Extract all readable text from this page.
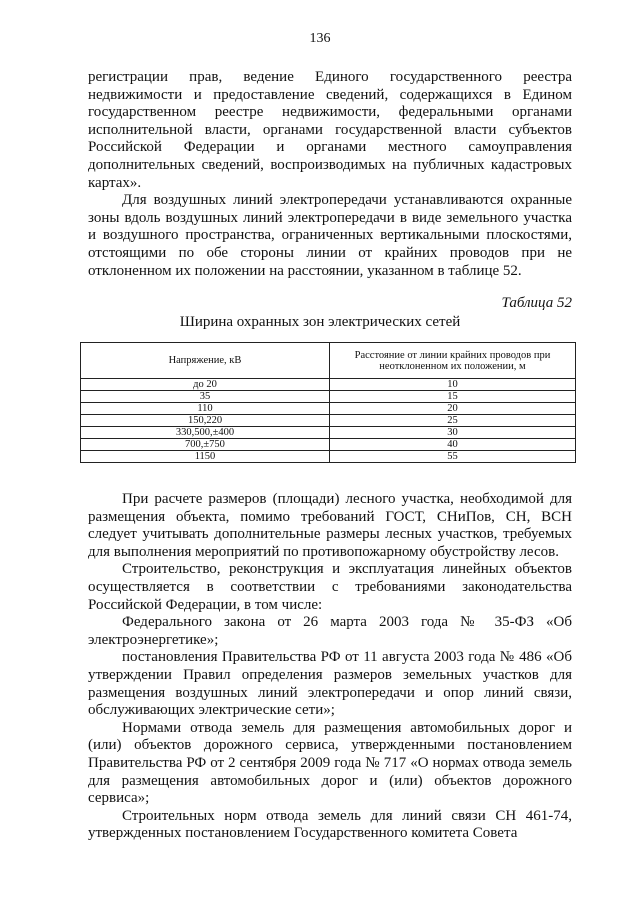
136

регистрации прав, ведение Единого государственного реестра недвижимости и предоставление сведений, содержащихся в Едином государственном реестре недвижимости, федеральными органами исполнительной власти, органами государственной власти субъектов Российской Федерации и органами местного самоуправления дополнительных сведений, воспроизводимых на публичных кадастровых картах».

Для воздушных линий электропередачи устанавливаются охранные зоны вдоль воздушных линий электропередачи в виде земельного участка и воздушного пространства, ограниченных вертикальными плоскостями, отстоящими по обе стороны линии от крайних проводов при не отклоненном их положении на расстоянии, указанном в таблице 52.

Таблица 52
Ширина охранных зон электрических сетей
Напряжение, кВ	Расстояние от линии крайних проводов при неотклоненном их положении, м
до 20	10
35	15
110	20
150,220	25
330,500,±400	30
700,±750	40
1150	55

При расчете размеров (площади) лесного участка, необходимой для размещения объекта, помимо требований ГОСТ, СНиПов, СН, ВСН следует учитывать дополнительные размеры лесных участков, требуемых для выполнения мероприятий по противопожарному обустройству лесов.

Строительство, реконструкция и эксплуатация линейных объектов осуществляется в соответствии с требованиями законодательства Российской Федерации, в том числе:

Федерального закона от 26 марта 2003 года № 35-ФЗ «Об электроэнергетике»;

постановления Правительства РФ от 11 августа 2003 года № 486 «Об утверждении Правил определения размеров земельных участков для размещения воздушных линий электропередачи и опор линий связи, обслуживающих электрические сети»;

Нормами отвода земель для размещения автомобильных дорог и (или) объектов дорожного сервиса, утвержденными постановлением Правительства РФ от 2 сентября 2009 года № 717 «О нормах отвода земель для размещения автомобильных дорог и (или) объектов дорожного сервиса»;

Строительных норм отвода земель для линий связи СН 461-74, утвержденных постановлением Государственного комитета Совета
